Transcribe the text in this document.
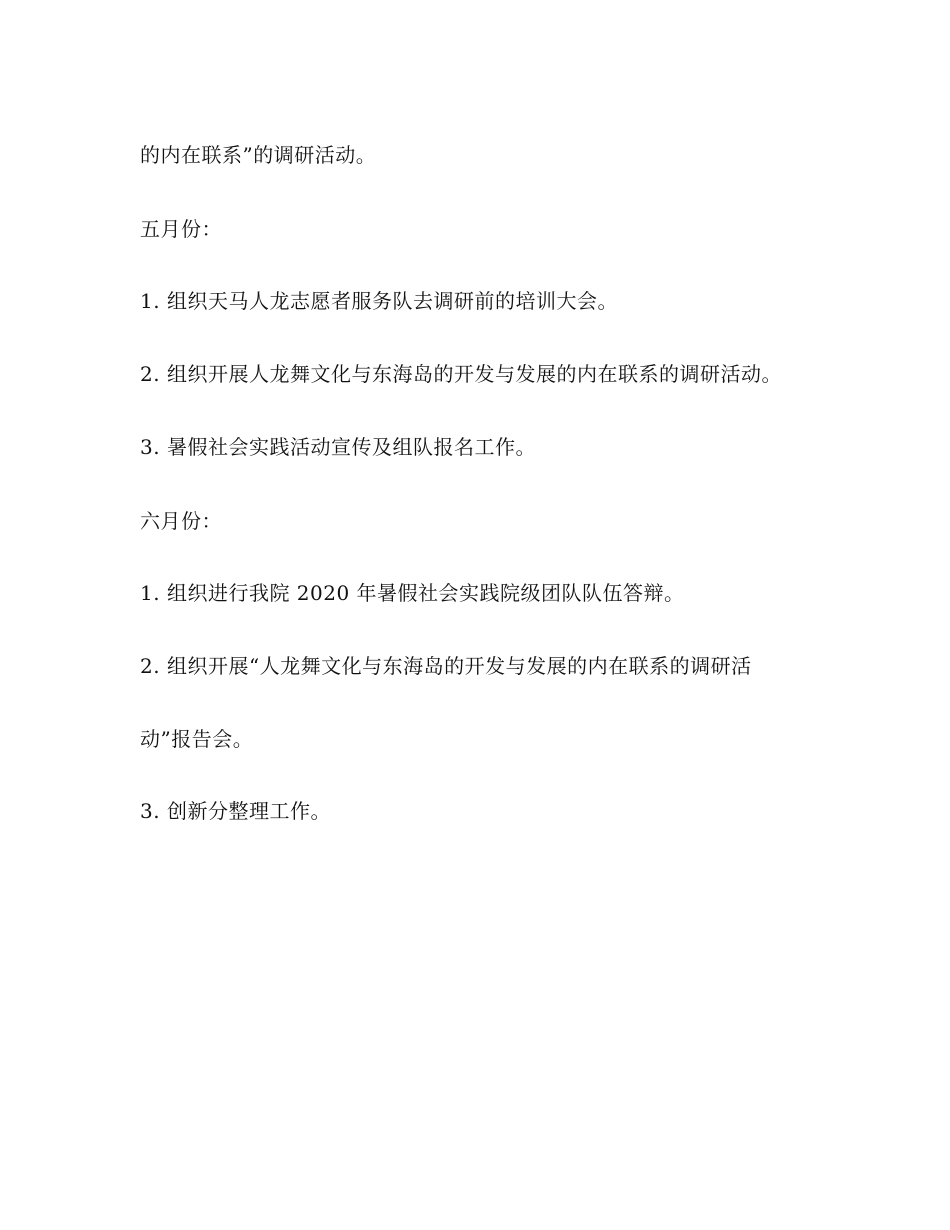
的内在联系”的调研活动。
五月份：
1. 组织天马人龙志愿者服务队去调研前的培训大会。
2. 组织开展人龙舞文化与东海岛的开发与发展的内在联系的调研活动。
3. 暑假社会实践活动宣传及组队报名工作。
六月份：
1. 组织进行我院 2020 年暑假社会实践院级团队队伍答辩。
2. 组织开展“人龙舞文化与东海岛的开发与发展的内在联系的调研活
动”报告会。
3. 创新分整理工作。
